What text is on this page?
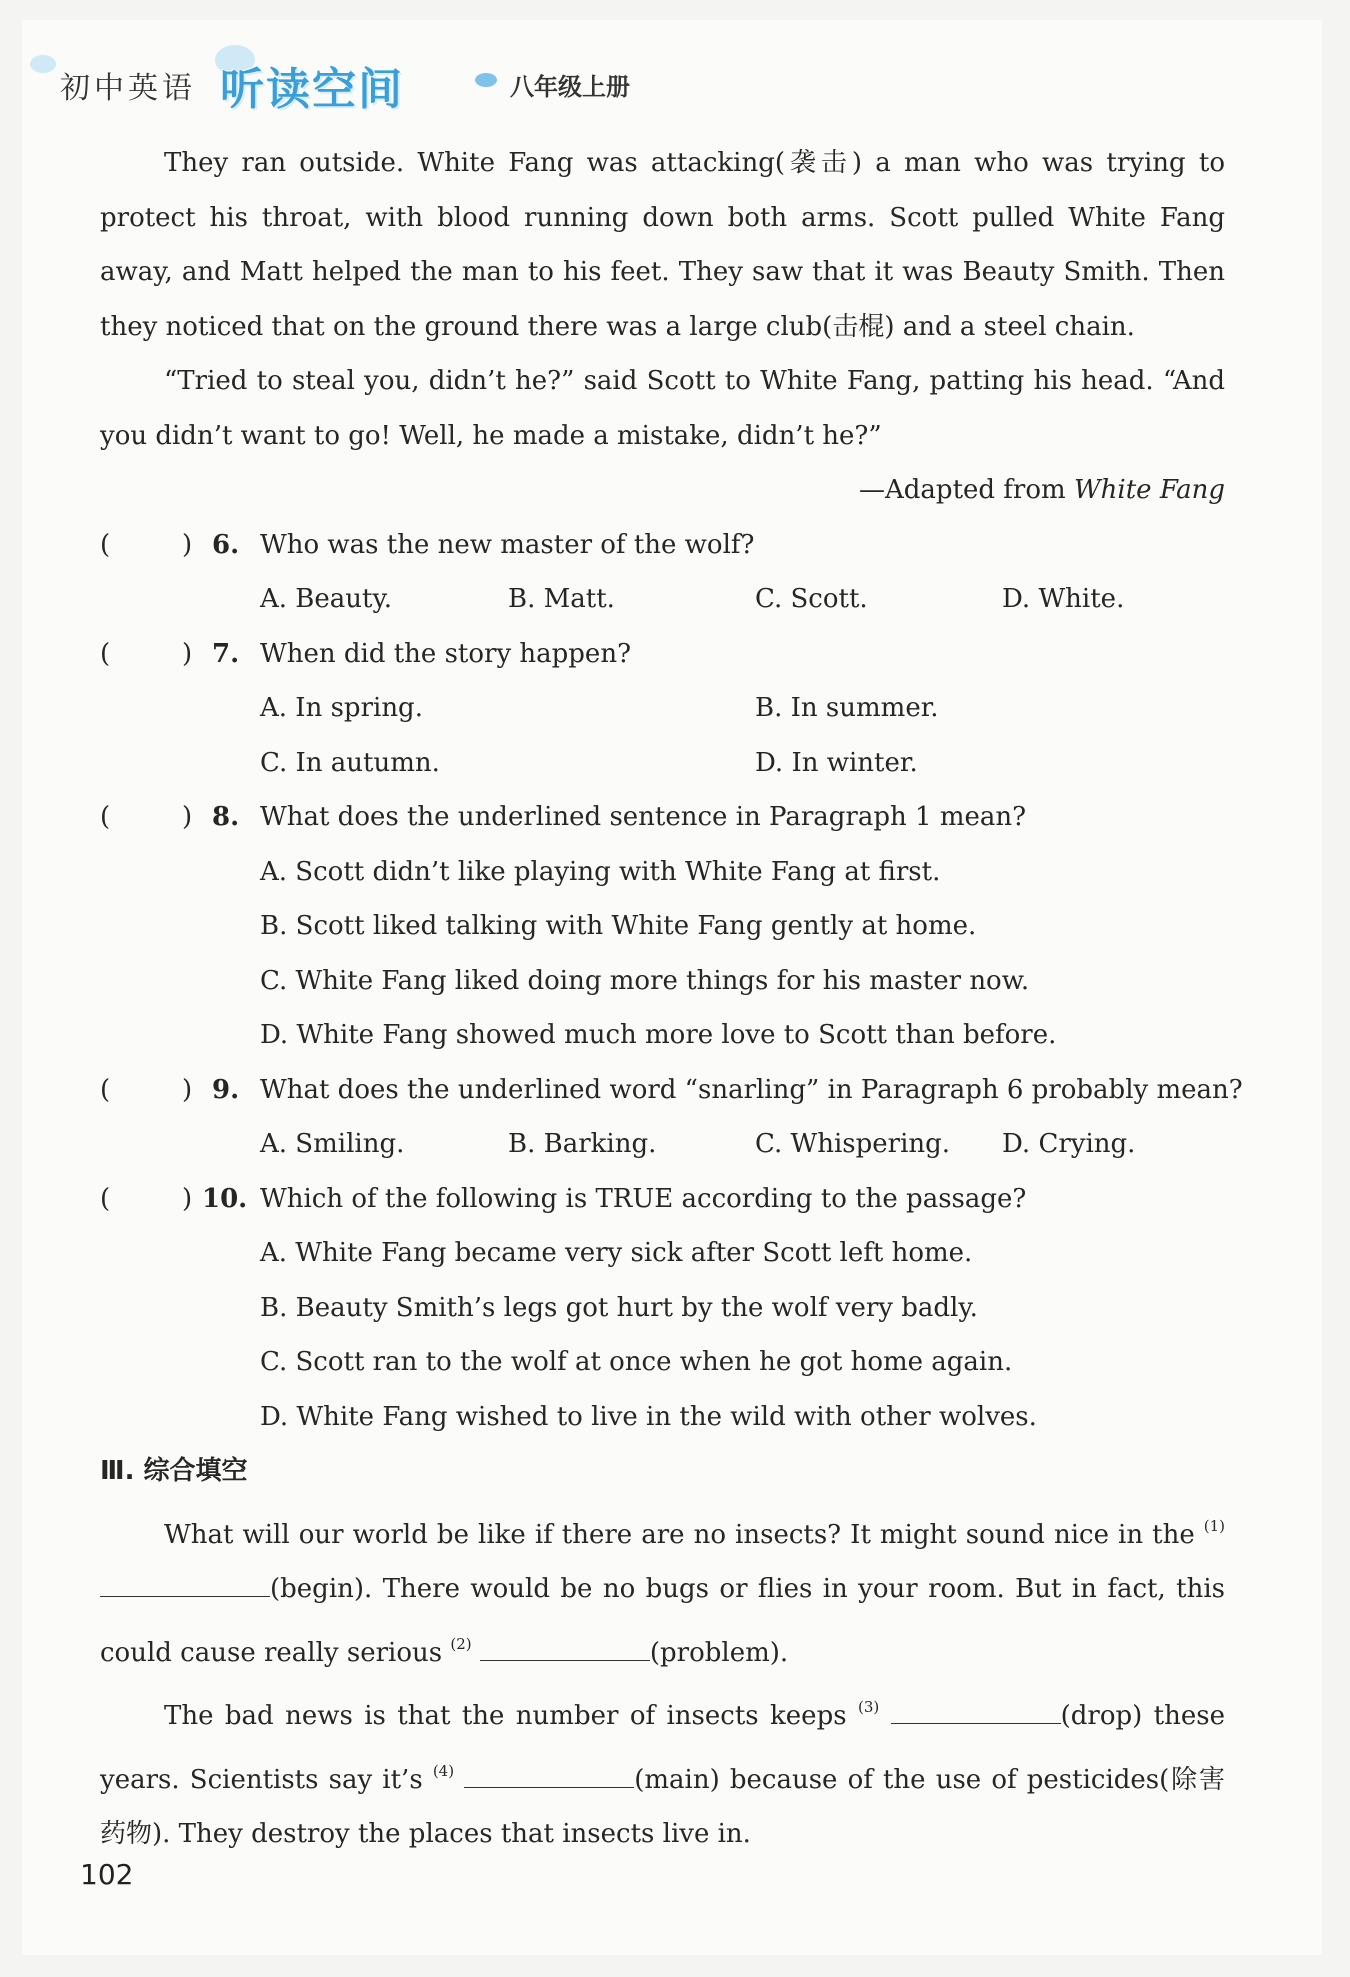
初中英语 听读空间	八年级上册

They ran outside. White Fang was attacking(袭击) a man who was trying to protect his throat, with blood running down both arms. Scott pulled White Fang away, and Matt helped the man to his feet. They saw that it was Beauty Smith. Then they noticed that on the ground there was a large club(击棍) and a steel chain.

“Tried to steal you, didn’t he?” said Scott to White Fang, patting his head. “And you didn’t want to go! Well, he made a mistake, didn’t he?”

—Adapted from White Fang

(	) 6. Who was the new master of the wolf?
A. Beauty.	B. Matt.	C. Scott.	D. White.
(	) 7. When did the story happen?
A. In spring.	B. In summer.
C. In autumn.	D. In winter.
(	) 8. What does the underlined sentence in Paragraph 1 mean?
A. Scott didn’t like playing with White Fang at first.
B. Scott liked talking with White Fang gently at home.
C. White Fang liked doing more things for his master now.
D. White Fang showed much more love to Scott than before.
(	) 9. What does the underlined word “snarling” in Paragraph 6 probably mean?
A. Smiling.	B. Barking.	C. Whispering. D. Crying.
(	) 10. Which of the following is TRUE according to the passage?
A. White Fang became very sick after Scott left home.
B. Beauty Smith’s legs got hurt by the wolf very badly.
C. Scott ran to the wolf at once when he got home again.
D. White Fang wished to live in the wild with other wolves.

Ⅲ. 综合填空

What will our world be like if there are no insects? It might sound nice in the $^{(1)}$ (begin). There would be no bugs or flies in your room. But in fact, this could cause really serious $^{(2)}$	(problem).

The bad news is that the number of insects keeps $^{(3)}$	(drop) these years. Scientists say it’s $^{(4)}$	(main) because of the use of pesticides(除害药物). They destroy the places that insects live in.

102
